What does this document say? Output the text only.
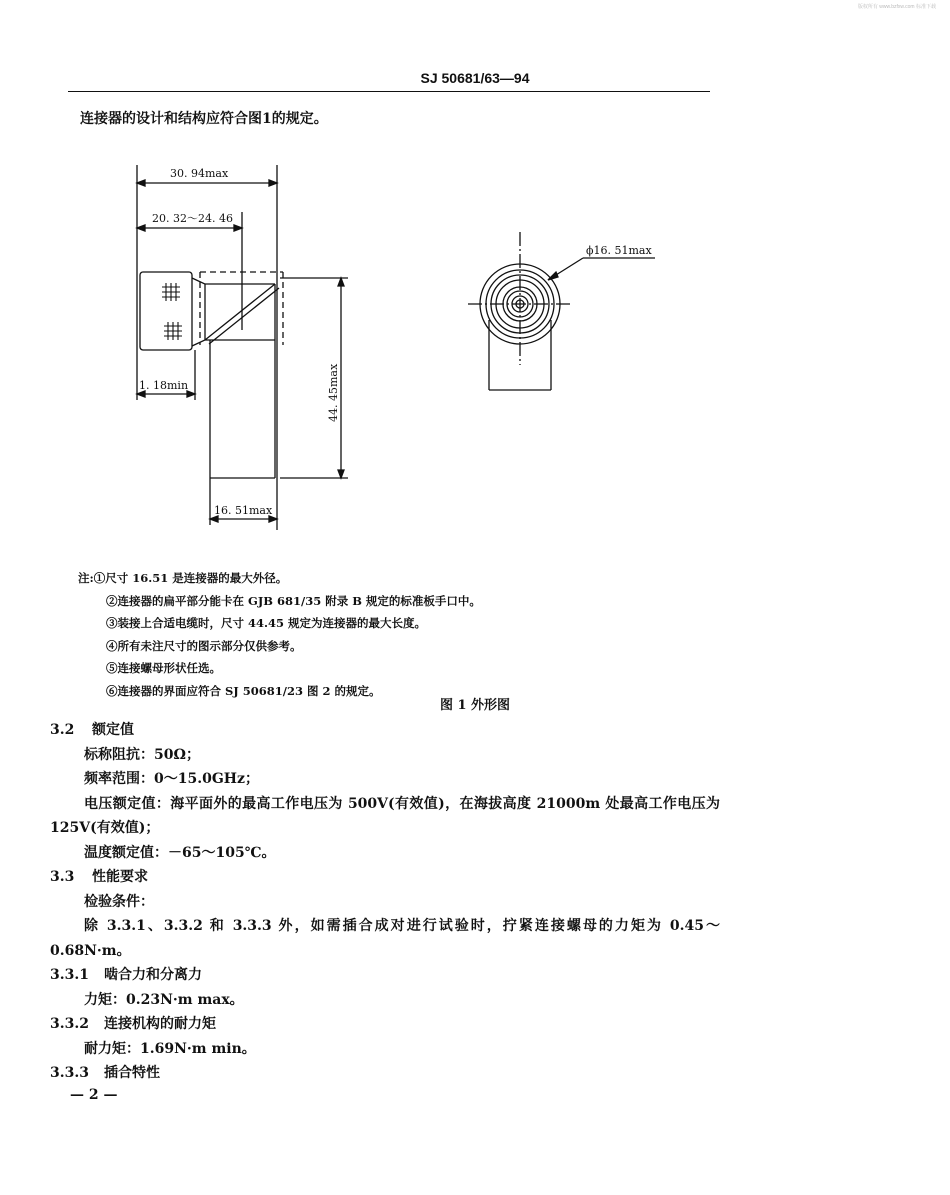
版权所有 www.bzfxw.com 标准下载
SJ 50681/63—94
连接器的设计和结构应符合图1的规定。
30. 94max
20. 32～24. 46
1. 18min	44. 45max
16. 51max
ϕ16. 51max
注:①尺寸 16.51 是连接器的最大外径。
②连接器的扁平部分能卡在 GJB 681/35 附录 B 规定的标准板手口中。
③装接上合适电缆时，尺寸 44.45 规定为连接器的最大长度。
④所有未注尺寸的图示部分仅供参考。
⑤连接螺母形状任选。
⑥连接器的界面应符合 SJ 50681/23 图 2 的规定。
图 1 外形图
3.2 额定值
标称阻抗：50Ω；
频率范围：0～15.0GHz；
电压额定值：海平面外的最高工作电压为 500V(有效值)，在海拔高度 21000m 处最高工作电压为 125V(有效值)；
温度额定值：－65～105℃。
3.3 性能要求
检验条件：
除 3.3.1、3.3.2 和 3.3.3 外，如需插合成对进行试验时，拧紧连接螺母的力矩为 0.45～0.68N·m。
3.3.1 啮合力和分离力
力矩：0.23N·m max。
3.3.2 连接机构的耐力矩
耐力矩：1.69N·m min。
3.3.3 插合特性
— 2 —
